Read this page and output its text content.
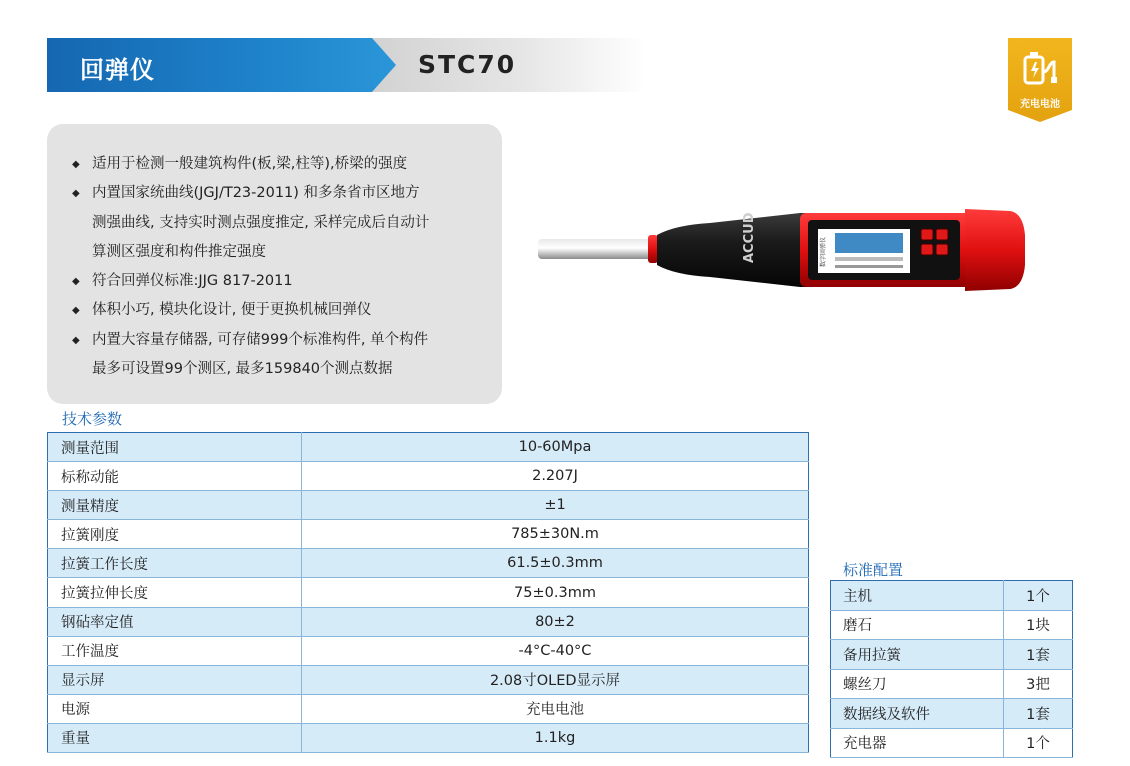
回弹仪	STC70
充电电池
◆ 适用于检测一般建筑构件(板,梁,柱等),桥梁的强度
◆ 内置国家统曲线(JGJ/T23-2011) 和多条省市区地方
测强曲线, 支持实时测点强度推定, 采样完成后自动计
算测区强度和构件推定强度
◆ 符合回弹仪标准:JJG 817-2011
◆ 体积小巧, 模块化设计, 便于更换机械回弹仪
◆ 内置大容量存储器, 可存储999个标准构件, 单个构件
最多可设置99个测区, 最多159840个测点数据
数字回弹仪
ACCUD
技术参数
测量范围	10-60Mpa
标称动能	2.207J
测量精度	±1
拉簧刚度	785±30N.m
拉簧工作长度	61.5±0.3mm
拉簧拉伸长度	75±0.3mm
钢砧率定值	80±2
工作温度	-4°C-40°C
显示屏	2.08寸OLED显示屏
电源	充电电池
重量	1.1kg
标准配置
主机	1个
磨石	1块
备用拉簧	1套
螺丝刀	3把
数据线及软件	1套
充电器	1个
